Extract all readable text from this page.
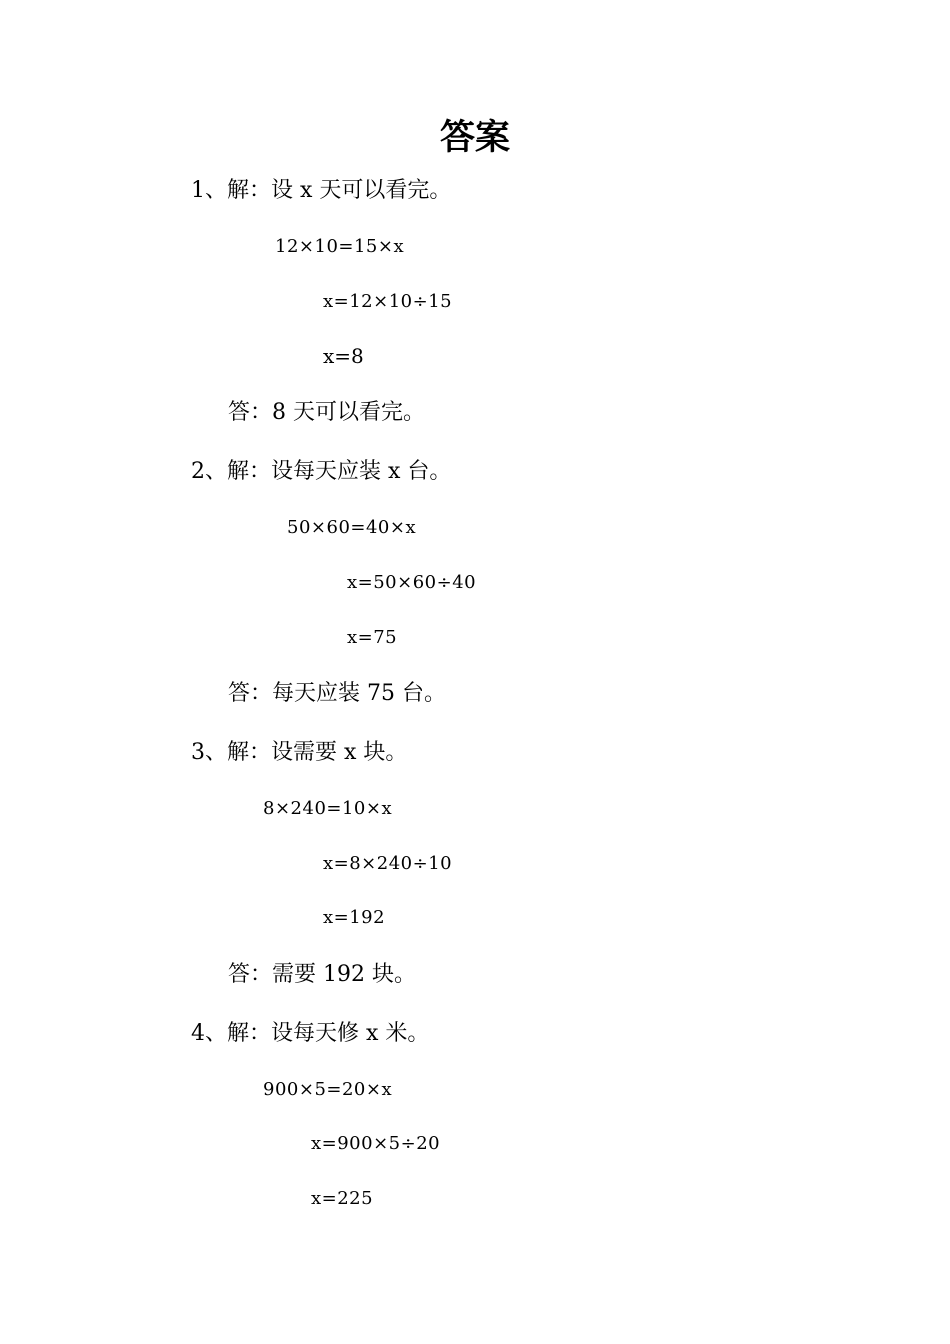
答案
1、解：设 x 天可以看完。
12×10=15×x
x=12×10÷15
x=8
答：8 天可以看完。
2、解：设每天应装 x 台。
50×60=40×x
x=50×60÷40
x=75
答：每天应装 75 台。
3、解：设需要 x 块。
8×240=10×x
x=8×240÷10
x=192
答：需要 192 块。
4、解：设每天修 x 米。
900×5=20×x
x=900×5÷20
x=225
